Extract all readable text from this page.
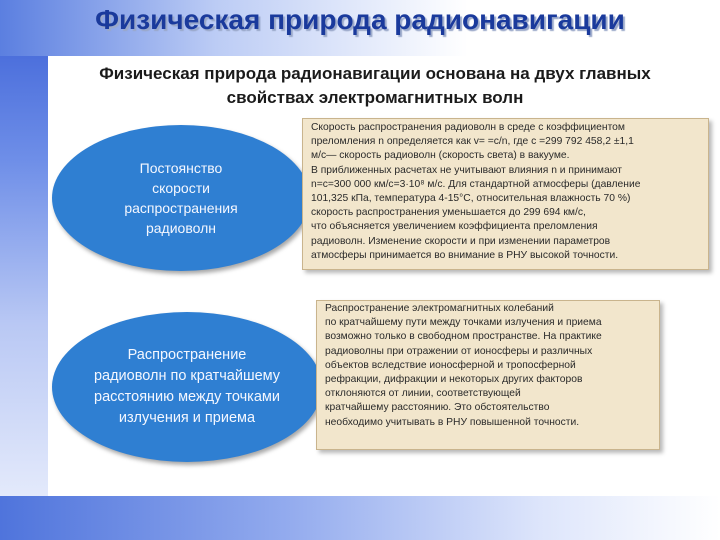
Физическая природа радионавигации
Физическая природа радионавигации основана на двух главных свойствах электромагнитных волн
Постоянство
скорости
распространения
радиоволн
Скорость распространения радиоволн в среде с коэффициентом
преломления n определяется как v= =c/n, где с =299 792 458,2 ±1,1
м/с— скорость радиоволн (скорость света) в вакууме.
В приближенных расчетах не учитывают влияния n и принимают
n=с=300 000 км/с=3·10⁸ м/с. Для стандартной атмосферы (давление
101,325 кПа, температура 4-15°С, относительная влажность 70 %)
скорость распространения уменьшается до 299 694 км/с,
что объясняется увеличением коэффициента преломления
радиоволн. Изменение скорости и при изменении параметров
атмосферы принимается во внимание в РНУ высокой точности.
Распространение
радиоволн по кратчайшему
расстоянию между точками
излучения и приема
Распространение электромагнитных колебаний
по кратчайшему пути между точками излучения и приема
возможно только в свободном пространстве. На практике
радиоволны при отражении от ионосферы и различных
объектов вследствие ионосферной и тропосферной
рефракции, дифракции и некоторых других факторов
отклоняются от линии, соответствующей
кратчайшему расстоянию. Это обстоятельство
необходимо учитывать в РНУ повышенной точности.
